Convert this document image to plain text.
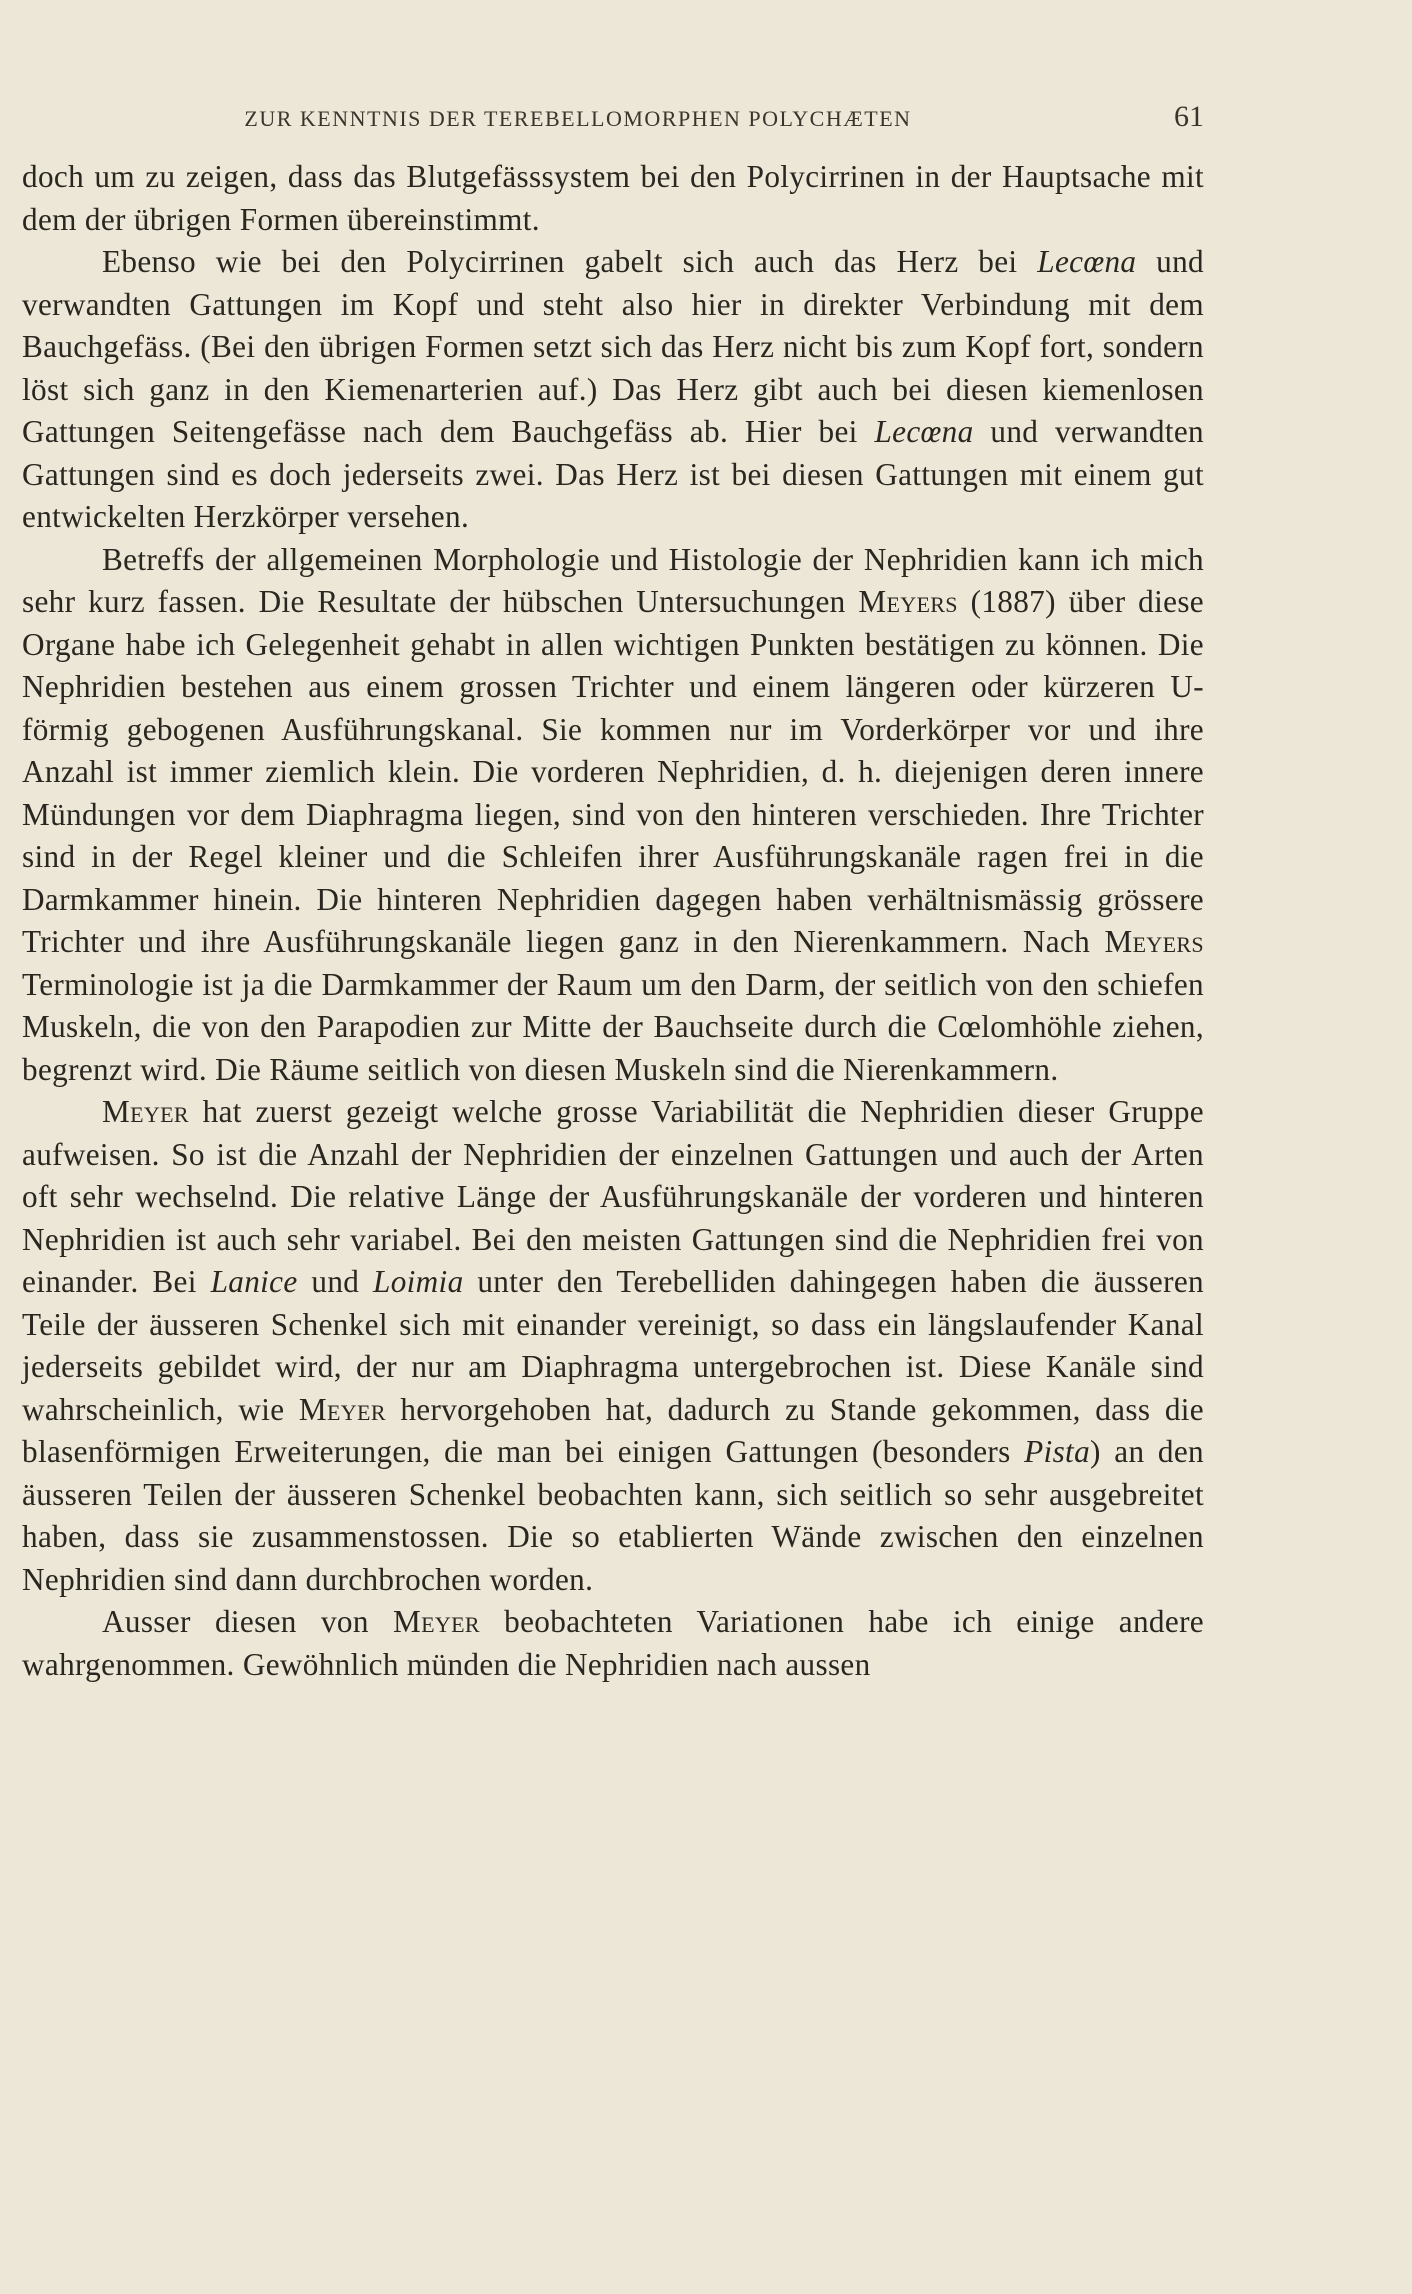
ZUR KENNTNIS DER TEREBELLOMORPHEN POLYCHÆTEN	61

doch um zu zeigen, dass das Blutgefässsystem bei den Polycirrinen in der Hauptsache mit dem der übrigen Formen übereinstimmt.

Ebenso wie bei den Polycirrinen gabelt sich auch das Herz bei Lecœna und verwandten Gattungen im Kopf und steht also hier in direkter Verbindung mit dem Bauchgefäss. (Bei den übrigen Formen setzt sich das Herz nicht bis zum Kopf fort, sondern löst sich ganz in den Kiemenarterien auf.) Das Herz gibt auch bei diesen kiemenlosen Gattungen Seitengefässe nach dem Bauchgefäss ab. Hier bei Lecœna und verwandten Gattungen sind es doch jederseits zwei. Das Herz ist bei diesen Gattungen mit einem gut entwickelten Herzkörper versehen.

Betreffs der allgemeinen Morphologie und Histologie der Nephridien kann ich mich sehr kurz fassen. Die Resultate der hübschen Untersuchungen Meyers (1887) über diese Organe habe ich Gelegenheit gehabt in allen wichtigen Punkten bestätigen zu können. Die Nephridien bestehen aus einem grossen Trichter und einem längeren oder kürzeren U-förmig gebogenen Ausführungskanal. Sie kommen nur im Vorderkörper vor und ihre Anzahl ist immer ziemlich klein. Die vorderen Nephridien, d. h. diejenigen deren innere Mündungen vor dem Diaphragma liegen, sind von den hinteren verschieden. Ihre Trichter sind in der Regel kleiner und die Schleifen ihrer Ausführungskanäle ragen frei in die Darmkammer hinein. Die hinteren Nephridien dagegen haben verhältnismässig grössere Trichter und ihre Ausführungskanäle liegen ganz in den Nierenkammern. Nach Meyers Terminologie ist ja die Darmkammer der Raum um den Darm, der seitlich von den schiefen Muskeln, die von den Parapodien zur Mitte der Bauchseite durch die Cœlomhöhle ziehen, begrenzt wird. Die Räume seitlich von diesen Muskeln sind die Nierenkammern.

Meyer hat zuerst gezeigt welche grosse Variabilität die Nephridien dieser Gruppe aufweisen. So ist die Anzahl der Nephridien der einzelnen Gattungen und auch der Arten oft sehr wechselnd. Die relative Länge der Ausführungskanäle der vorderen und hinteren Nephridien ist auch sehr variabel. Bei den meisten Gattungen sind die Nephridien frei von einander. Bei Lanice und Loimia unter den Terebelliden dahingegen haben die äusseren Teile der äusseren Schenkel sich mit einander vereinigt, so dass ein längslaufender Kanal jederseits gebildet wird, der nur am Diaphragma untergebrochen ist. Diese Kanäle sind wahrscheinlich, wie Meyer hervorgehoben hat, dadurch zu Stande gekommen, dass die blasenförmigen Erweiterungen, die man bei einigen Gattungen (besonders Pista) an den äusseren Teilen der äusseren Schenkel beobachten kann, sich seitlich so sehr ausgebreitet haben, dass sie zusammenstossen. Die so etablierten Wände zwischen den einzelnen Nephridien sind dann durchbrochen worden.

Ausser diesen von Meyer beobachteten Variationen habe ich einige andere wahrgenommen. Gewöhnlich münden die Nephridien nach aussen
